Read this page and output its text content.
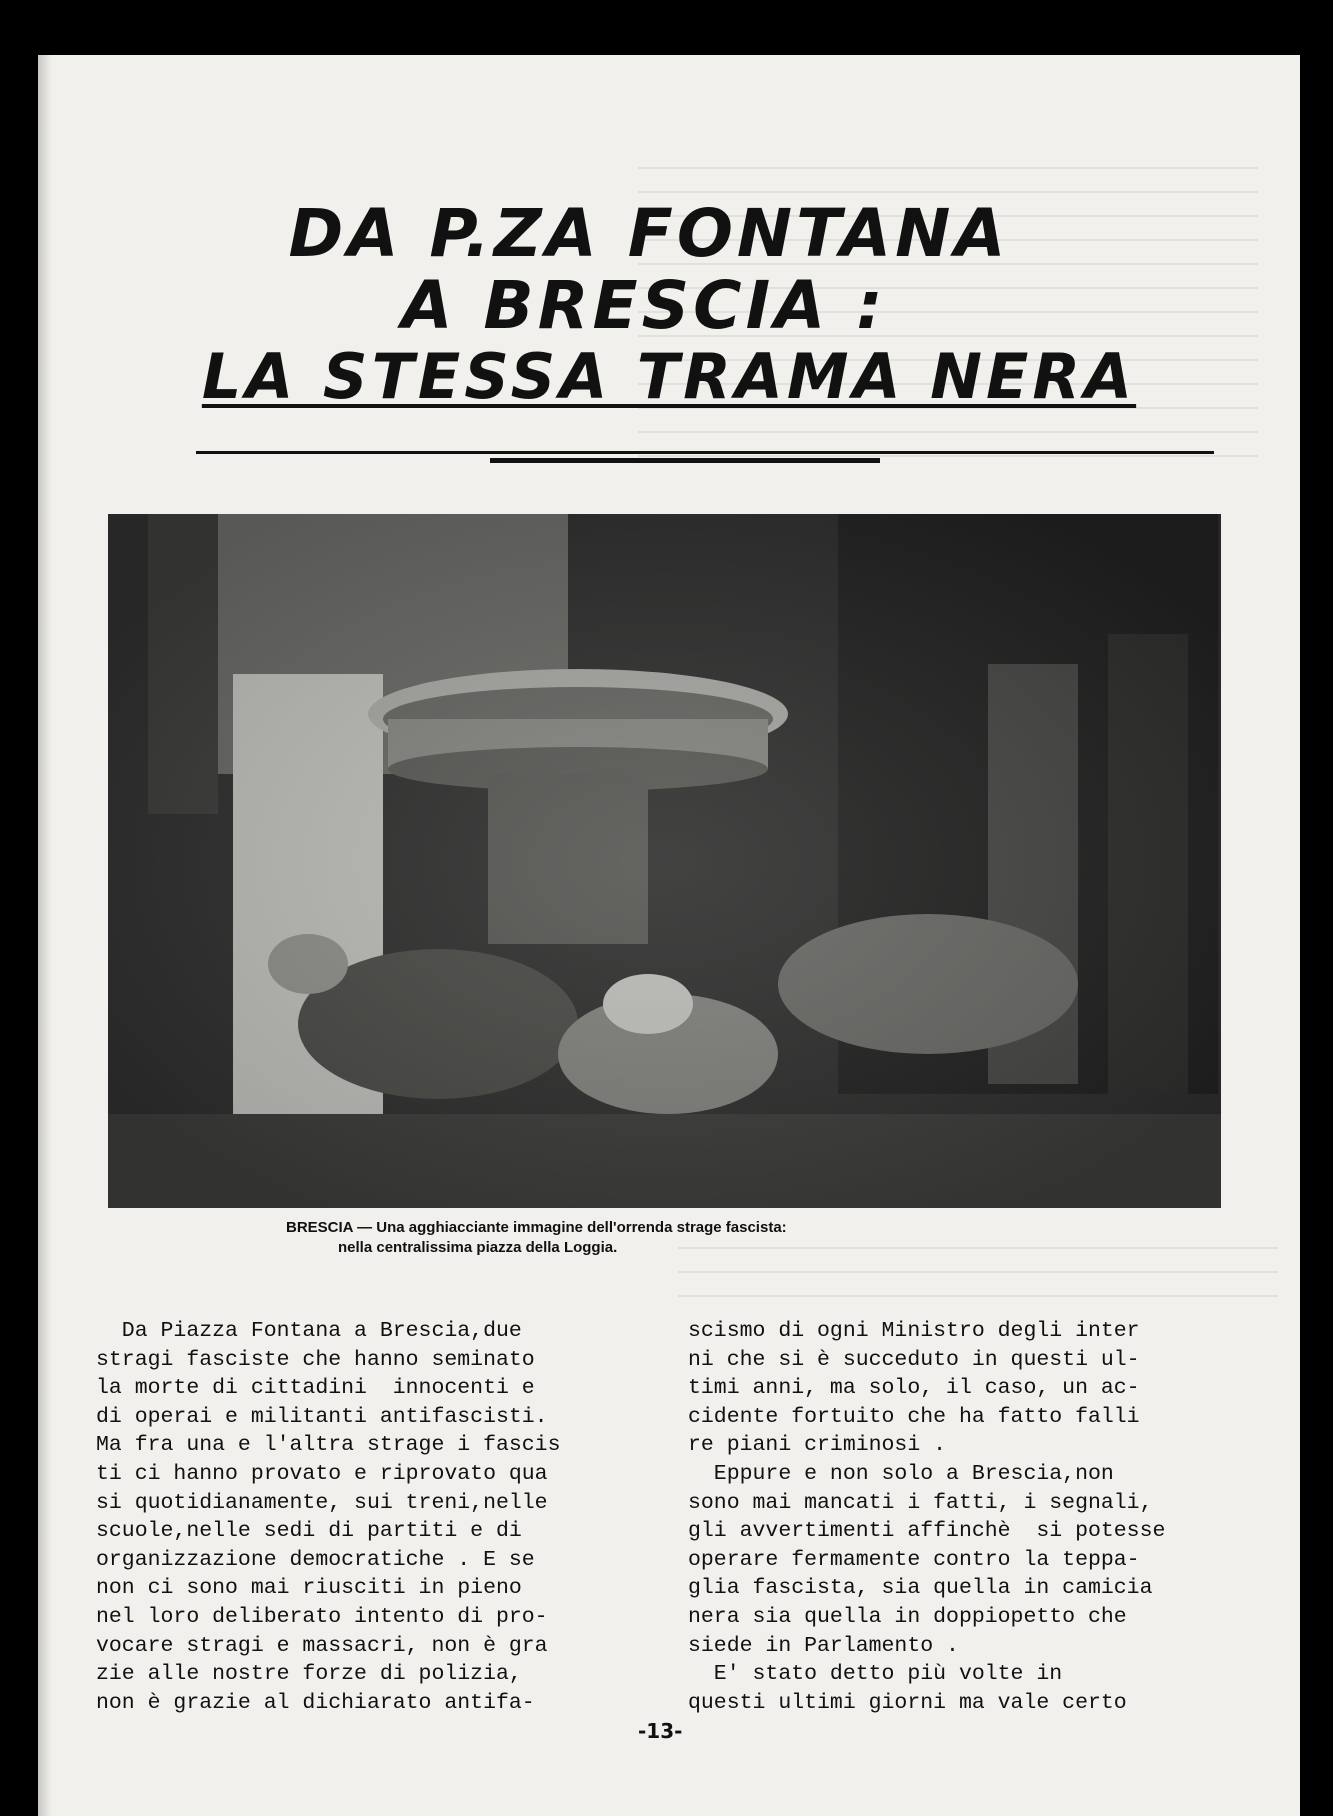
DA P.ZA FONTANA
A BRESCIA :
LA STESSA TRAMA NERA
BRESCIA — Una agghiacciante immagine dell'orrenda strage fascista:
nella centralissima piazza della Loggia.
Da Piazza Fontana a Brescia,due
stragi fasciste che hanno seminato
la morte di cittadini  innocenti e
di operai e militanti antifascisti.
Ma fra una e l'altra strage i fascis
ti ci hanno provato e riprovato qua
si quotidianamente, sui treni,nelle
scuole,nelle sedi di partiti e di
organizzazione democratiche . E se
non ci sono mai riusciti in pieno
nel loro deliberato intento di pro-
vocare stragi e massacri, non è gra
zie alle nostre forze di polizia,
non è grazie al dichiarato antifa-
scismo di ogni Ministro degli inter
ni che si è succeduto in questi ul-
timi anni, ma solo, il caso, un ac-
cidente fortuito che ha fatto falli
re piani criminosi .
Eppure e non solo a Brescia,non
sono mai mancati i fatti, i segnali,
gli avvertimenti affinchè  si potesse
operare fermamente contro la teppa-
glia fascista, sia quella in camicia
nera sia quella in doppiopetto che
siede in Parlamento .
E' stato detto più volte in
questi ultimi giorni ma vale certo
-13-
